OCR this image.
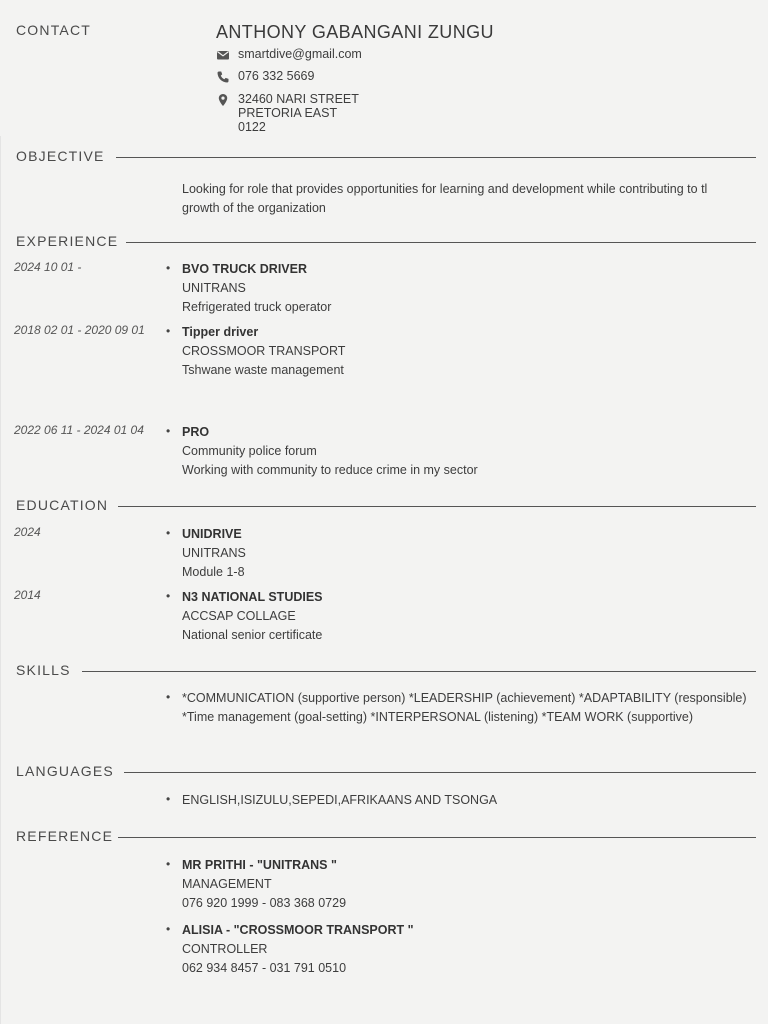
CONTACT	ANTHONY GABANGANI ZUNGU
smartdive@gmail.com
076 332 5669
32460 NARI STREET
PRETORIA EAST
0122
OBJECTIVE
Looking for role that provides opportunities for learning and development while contributing to tl
growth of the organization
EXPERIENCE
2024 10 01 -	• BVO TRUCK DRIVER
UNITRANS
Refrigerated truck operator
2018 02 01 - 2020 09 01 • Tipper driver
CROSSMOOR TRANSPORT
Tshwane waste management
2022 06 11 - 2024 01 04 • PRO
Community police forum
Working with community to reduce crime in my sector
EDUCATION
2024	• UNIDRIVE
UNITRANS
Module 1-8
2014	• N3 NATIONAL STUDIES
ACCSAP COLLAGE
National senior certificate
SKILLS
• *COMMUNICATION (supportive person) *LEADERSHIP (achievement) *ADAPTABILITY (responsible) *Time management (goal-setting) *INTERPERSONAL (listening) *TEAM WORK (supportive)
LANGUAGES
• ENGLISH,ISIZULU,SEPEDI,AFRIKAANS AND TSONGA
REFERENCE
• MR PRITHI - "UNITRANS "
MANAGEMENT
076 920 1999 - 083 368 0729
• ALISIA - "CROSSMOOR TRANSPORT "
CONTROLLER
062 934 8457 - 031 791 0510
